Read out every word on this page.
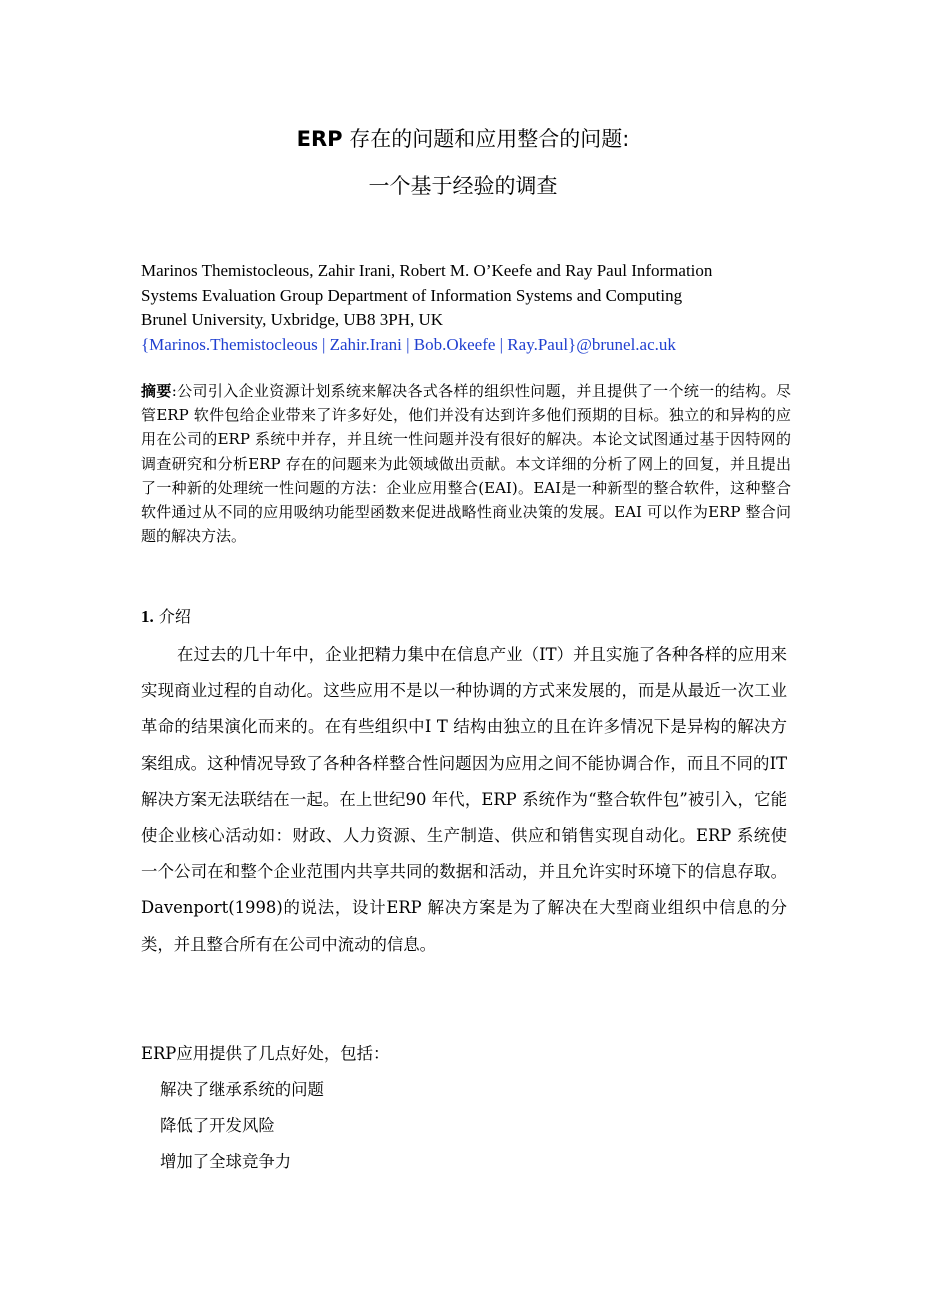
ERP 存在的问题和应用整合的问题:
一个基于经验的调查
Marinos Themistocleous, Zahir Irani, Robert M. O’Keefe and Ray Paul Information
Systems Evaluation Group Department of Information Systems and Computing
Brunel University, Uxbridge, UB8 3PH, UK
{Marinos.Themistocleous | Zahir.Irani | Bob.Okeefe | Ray.Paul}@brunel.ac.uk
摘要:公司引入企业资源计划系统来解决各式各样的组织性问题，并且提供了一个统一的结构。尽管ERP 软件包给企业带来了许多好处，他们并没有达到许多他们预期的目标。独立的和异构的应用在公司的ERP 系统中并存，并且统一性问题并没有很好的解决。本论文试图通过基于因特网的调查研究和分析ERP 存在的问题来为此领域做出贡献。本文详细的分析了网上的回复，并且提出了一种新的处理统一性问题的方法：企业应用整合(EAI)。EAI是一种新型的整合软件，这种整合软件通过从不同的应用吸纳功能型函数来促进战略性商业决策的发展。EAI 可以作为ERP 整合问题的解决方法。
1. 介绍
在过去的几十年中，企业把精力集中在信息产业（IT）并且实施了各种各样的应用来实现商业过程的自动化。这些应用不是以一种协调的方式来发展的，而是从最近一次工业革命的结果演化而来的。在有些组织中I T 结构由独立的且在许多情况下是异构的解决方案组成。这种情况导致了各种各样整合性问题因为应用之间不能协调合作，而且不同的IT 解决方案无法联结在一起。在上世纪90 年代，ERP 系统作为“整合软件包”被引入，它能使企业核心活动如：财政、人力资源、生产制造、供应和销售实现自动化。ERP 系统使一个公司在和整个企业范围内共享共同的数据和活动，并且允许实时环境下的信息存取。Davenport(1998)的说法，设计ERP 解决方案是为了解决在大型商业组织中信息的分类，并且整合所有在公司中流动的信息。
ERP应用提供了几点好处，包括：
解决了继承系统的问题
降低了开发风险
增加了全球竞争力
